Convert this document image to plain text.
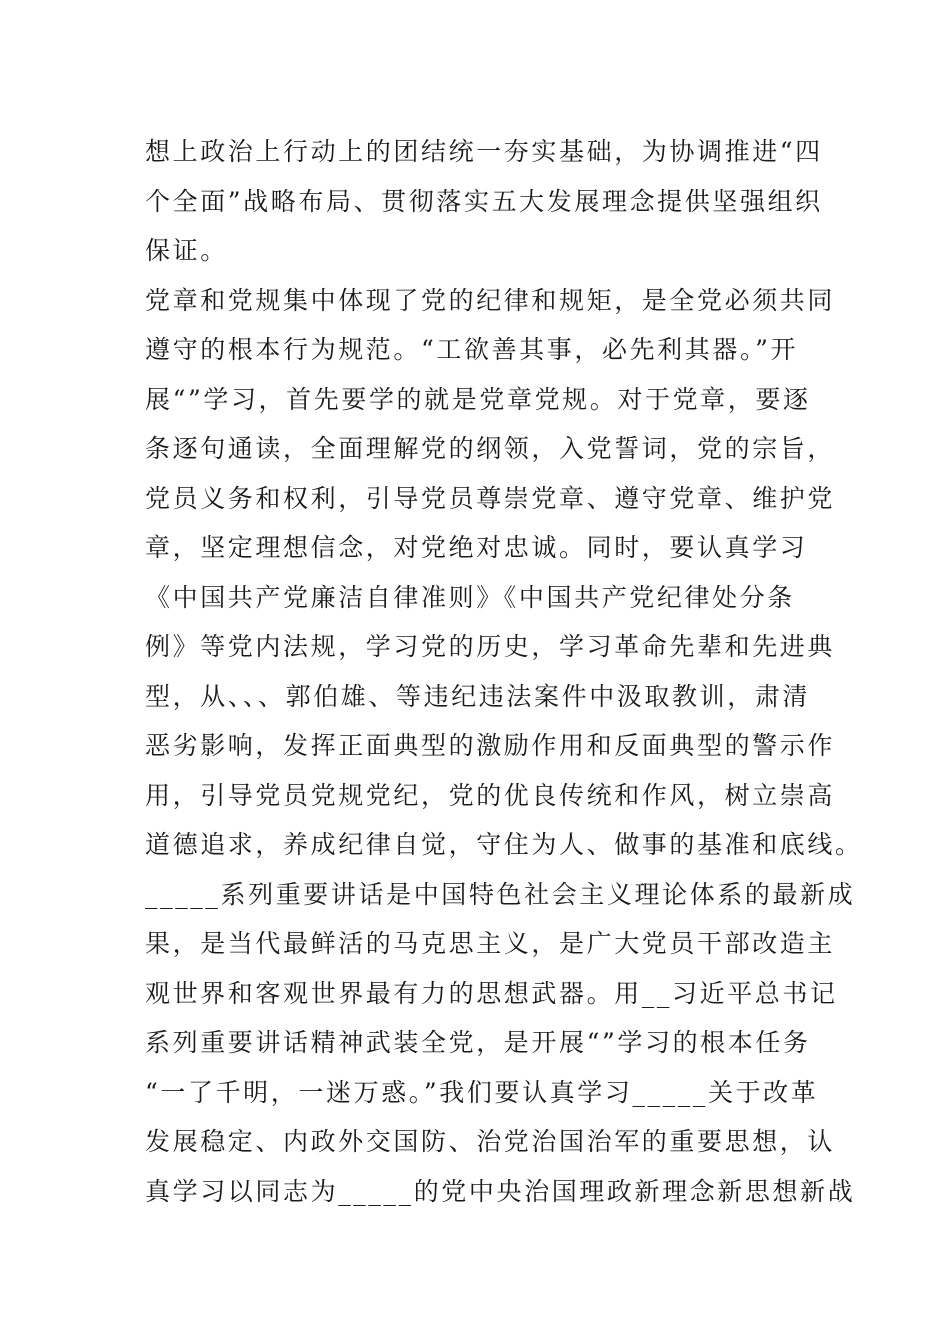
想上政治上行动上的团结统一夯实基础，为协调推进“四
个全面”战略布局、贯彻落实五大发展理念提供坚强组织
保证。
党章和党规集中体现了党的纪律和规矩，是全党必须共同
遵守的根本行为规范。“工欲善其事，必先利其器。”开
展“”学习，首先要学的就是党章党规。对于党章，要逐
条逐句通读，全面理解党的纲领，入党誓词，党的宗旨，
党员义务和权利，引导党员尊崇党章、遵守党章、维护党
章，坚定理想信念，对党绝对忠诚。同时，要认真学习
《中国共产党廉洁自律准则》《中国共产党纪律处分条
例》等党内法规，学习党的历史，学习革命先辈和先进典
型，从、、、郭伯雄、等违纪违法案件中汲取教训，肃清
恶劣影响，发挥正面典型的激励作用和反面典型的警示作
用，引导党员党规党纪，党的优良传统和作风，树立崇高
道德追求，养成纪律自觉，守住为人、做事的基准和底线。
_____系列重要讲话是中国特色社会主义理论体系的最新成
果，是当代最鲜活的马克思主义，是广大党员干部改造主
观世界和客观世界最有力的思想武器。用__习近平总书记
系列重要讲话精神武装全党，是开展“”学习的根本任务
“一了千明，一迷万惑。”我们要认真学习_____关于改革
发展稳定、内政外交国防、治党治国治军的重要思想，认
真学习以同志为_____的党中央治国理政新理念新思想新战
